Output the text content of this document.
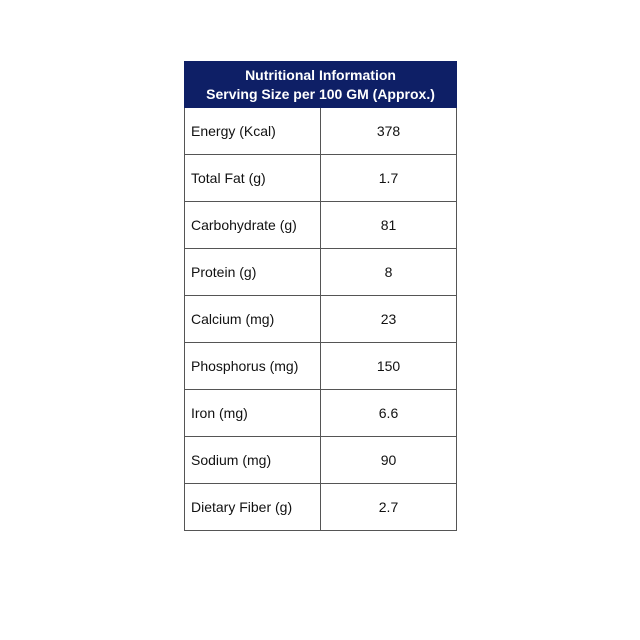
Nutritional Information
Serving Size per 100 GM (Approx.)	

Energy (Kcal)	378
Total Fat (g)	1.7
Carbohydrate (g)	81
Protein (g)	8
Calcium (mg)	23
Phosphorus (mg)	150
Iron (mg)	6.6
Sodium (mg)	90
Dietary Fiber (g)	2.7
